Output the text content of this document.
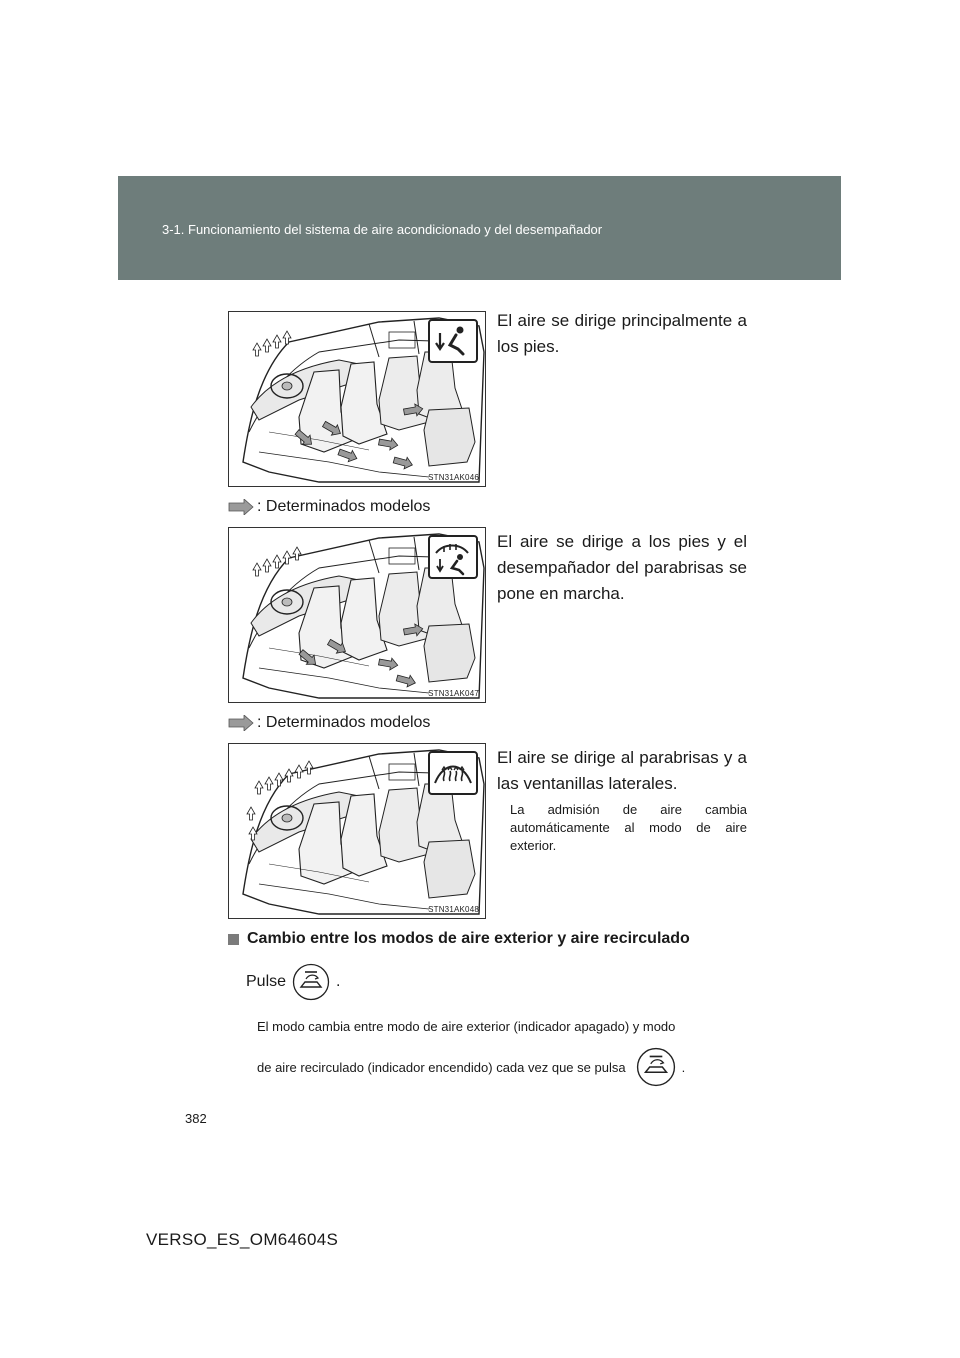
3-1. Funcionamiento del sistema de aire acondicionado y del desempañador
STN31AK046
El aire se dirige principalmente a los pies.
: Determinados modelos
STN31AK047
El aire se dirige a los pies y el desempañador del parabrisas se pone en marcha.
: Determinados modelos
STN31AK048
El aire se dirige al parabrisas y a las ventanillas laterales.
La admisión de aire cambia automáticamente al modo de aire exterior.
Cambio entre los modos de aire exterior y aire recirculado
Pulse	.
El modo cambia entre modo de aire exterior (indicador apagado) y modo
de aire recirculado (indicador encendido) cada vez que se pulsa	.
382
VERSO_ES_OM64604S
